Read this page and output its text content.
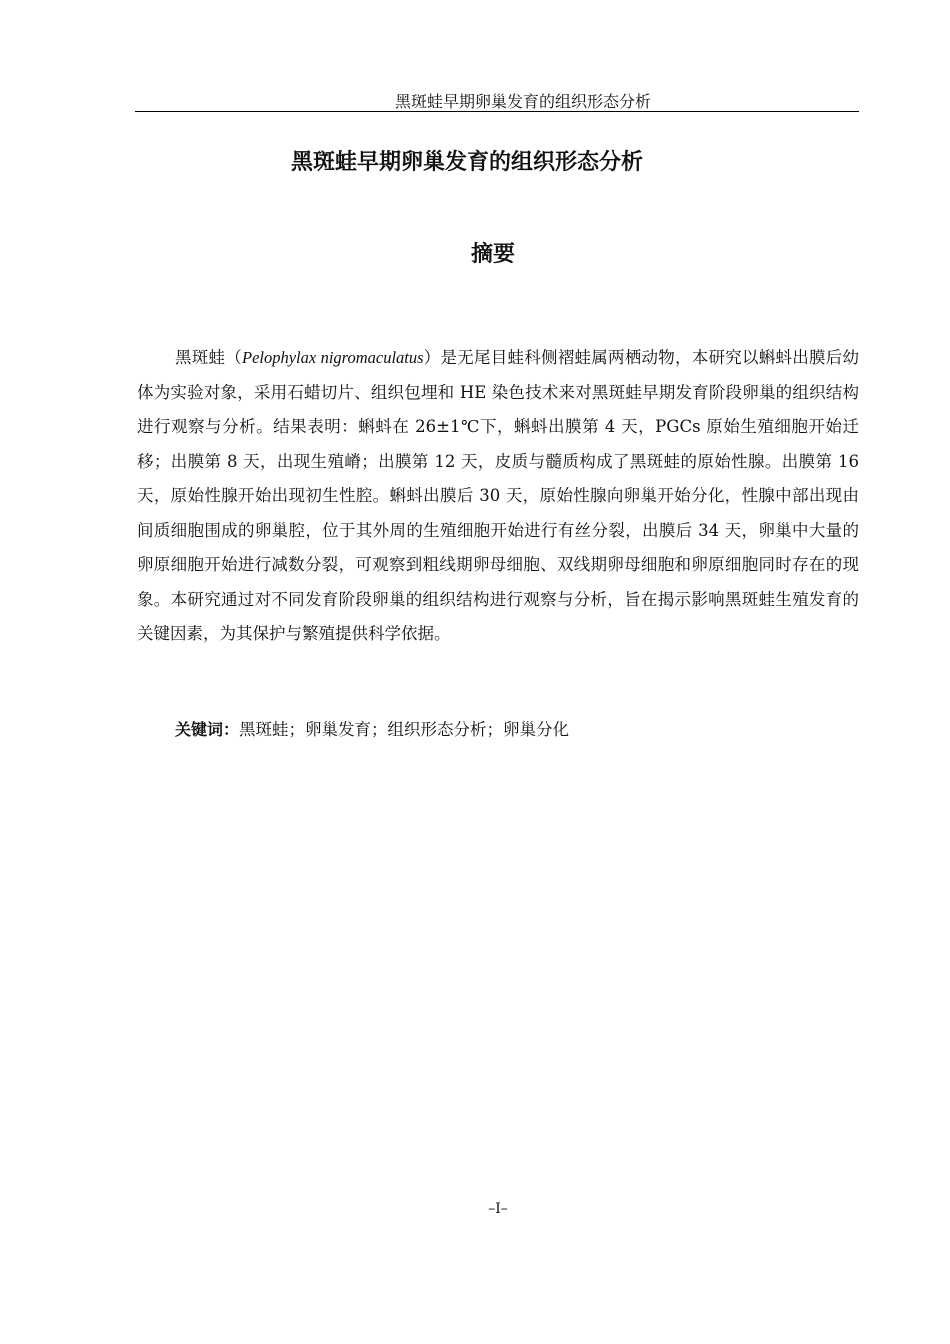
黑斑蛙早期卵巢发育的组织形态分析
黑斑蛙早期卵巢发育的组织形态分析
摘要

黑斑蛙（Pelophylax nigromaculatus）是无尾目蛙科侧褶蛙属两栖动物，本研究以蝌蚪出膜后幼体为实验对象，采用石蜡切片、组织包埋和 HE 染色技术来对黑斑蛙早期发育阶段卵巢的组织结构进行观察与分析。结果表明：蝌蚪在 26±1℃下，蝌蚪出膜第 4 天，PGCs 原始生殖细胞开始迁移；出膜第 8 天，出现生殖嵴；出膜第 12 天，皮质与髓质构成了黑斑蛙的原始性腺。出膜第 16 天，原始性腺开始出现初生性腔。蝌蚪出膜后 30 天，原始性腺向卵巢开始分化，性腺中部出现由间质细胞围成的卵巢腔，位于其外周的生殖细胞开始进行有丝分裂，出膜后 34 天，卵巢中大量的卵原细胞开始进行减数分裂，可观察到粗线期卵母细胞、双线期卵母细胞和卵原细胞同时存在的现象。本研究通过对不同发育阶段卵巢的组织结构进行观察与分析，旨在揭示影响黑斑蛙生殖发育的关键因素，为其保护与繁殖提供科学依据。

关键词：黑斑蛙；卵巢发育；组织形态分析；卵巢分化

–I–
